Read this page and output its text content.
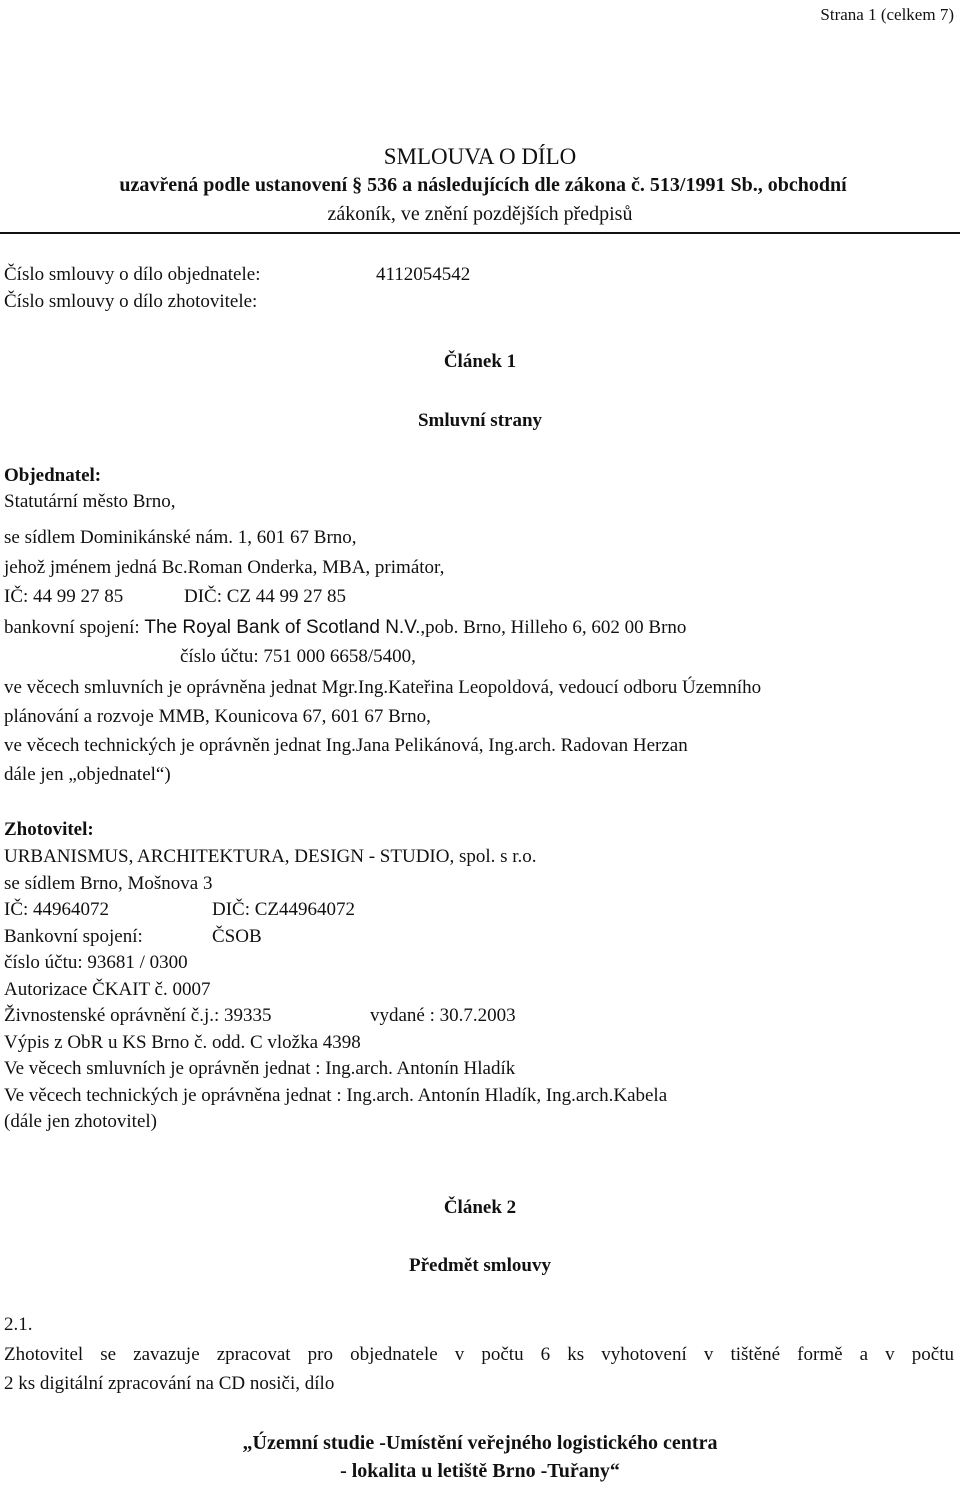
Strana 1 (celkem 7)
SMLOUVA O DÍLO
uzavřená podle ustanovení § 536 a následujících dle zákona č. 513/1991 Sb., obchodní
zákoník, ve znění pozdějších předpisů
Číslo smlouvy o dílo objednatele:	4112054542
Číslo smlouvy o dílo zhotovitele:
Článek 1
Smluvní strany
Objednatel:
Statutární město Brno,
se sídlem Dominikánské nám. 1, 601 67 Brno,
jehož jménem jedná Bc.Roman Onderka, MBA, primátor,
IČ: 44 99 27 85	DIČ: CZ 44 99 27 85
bankovní spojení: The Royal Bank of Scotland N.V.,pob. Brno, Hilleho 6, 602 00 Brno
číslo účtu: 751 000 6658/5400,
ve věcech smluvních je oprávněna jednat Mgr.Ing.Kateřina Leopoldová, vedoucí odboru Územního
plánování a rozvoje MMB, Kounicova 67, 601 67 Brno,
ve věcech technických je oprávněn jednat Ing.Jana Pelikánová, Ing.arch. Radovan Herzan
dále jen „objednatel“)
Zhotovitel:
URBANISMUS, ARCHITEKTURA, DESIGN - STUDIO, spol. s r.o.
se sídlem Brno, Mošnova 3
IČ: 44964072	DIČ: CZ44964072
Bankovní spojení:	ČSOB
číslo účtu: 93681 / 0300
Autorizace ČKAIT č. 0007
Živnostenské oprávnění č.j.: 39335	vydané : 30.7.2003
Výpis z ObR u KS Brno č. odd. C vložka 4398
Ve věcech smluvních je oprávněn jednat : Ing.arch. Antonín Hladík
Ve věcech technických je oprávněna jednat : Ing.arch. Antonín Hladík, Ing.arch.Kabela
(dále jen zhotovitel)
Článek 2
Předmět smlouvy
2.1.
Zhotovitel se zavazuje zpracovat pro objednatele v počtu 6 ks vyhotovení v tištěné formě a v počtu
2 ks digitální zpracování na CD nosiči, dílo
„Územní studie -Umístění veřejného logistického centra
- lokalita u letiště Brno -Tuřany“
